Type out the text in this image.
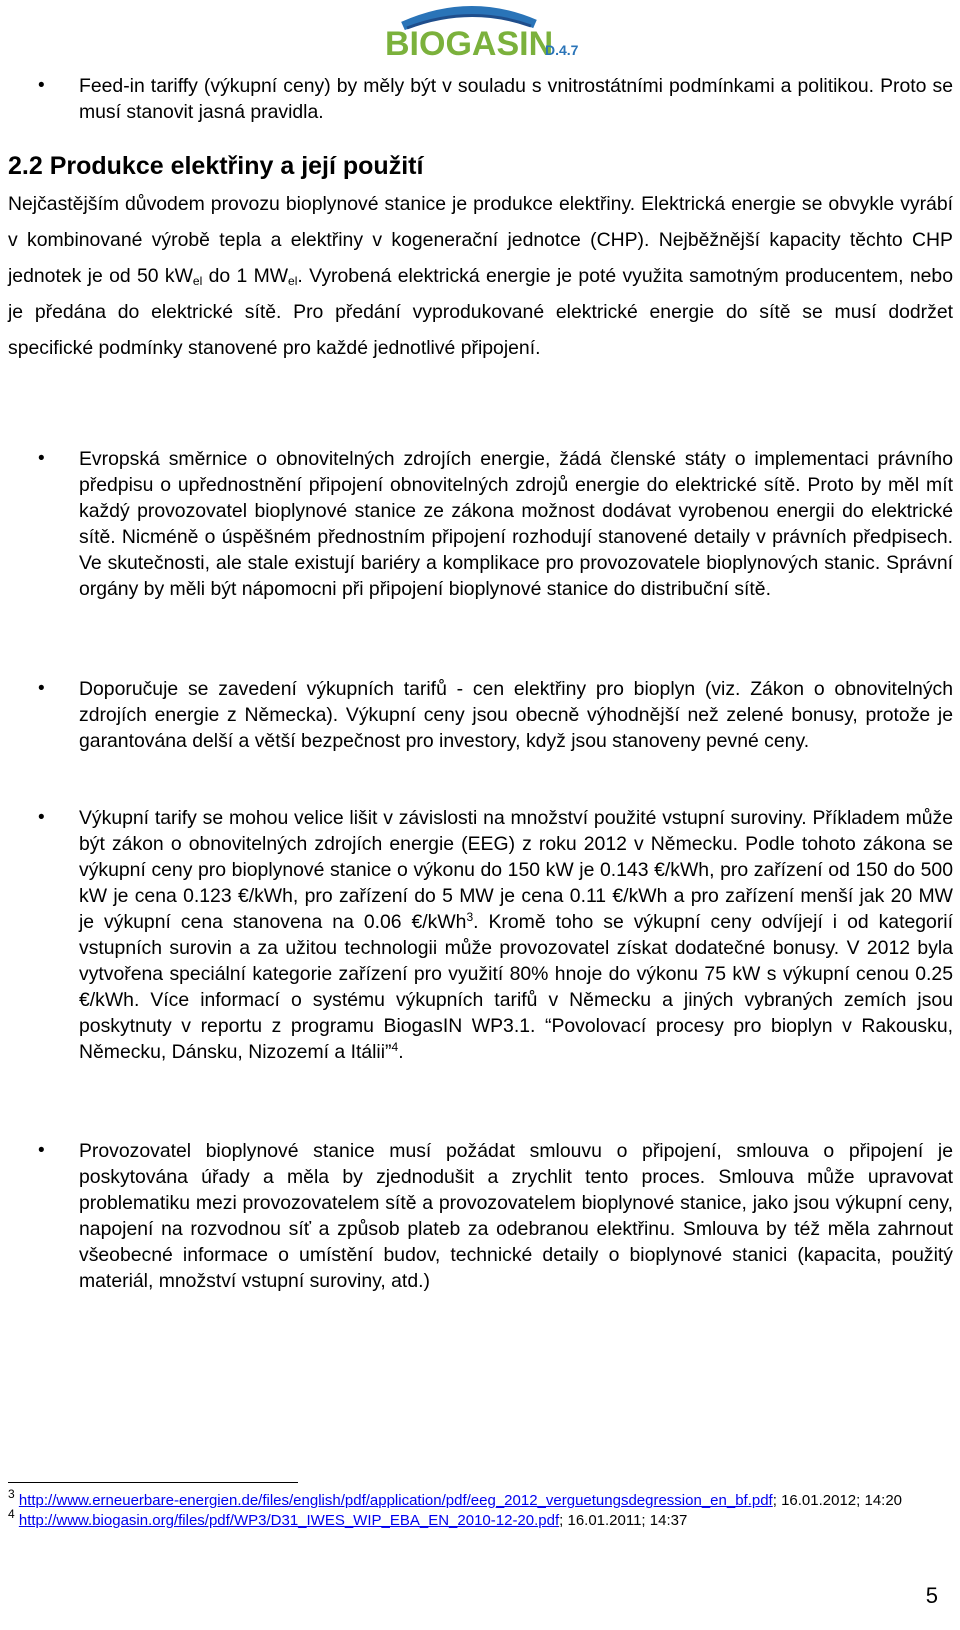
BIOGASIN
D.4.7
• Feed-in tariffy (výkupní ceny) by měly být v souladu s vnitrostátními podmínkami a politikou. Proto se musí stanovit jasná pravidla.
2.2 Produkce elektřiny a její použití
Nejčastějším důvodem provozu bioplynové stanice je produkce elektřiny. Elektrická energie se obvykle vyrábí v kombinované výrobě tepla a elektřiny v kogenerační jednotce (CHP). Nejběžnější kapacity těchto CHP jednotek je od 50 $kW_{el}$ do 1 $MW_{el}$. Vyrobená elektrická energie je poté využita samotným producentem, nebo je předána do elektrické sítě. Pro předání vyprodukované elektrické energie do sítě se musí dodržet specifické podmínky stanovené pro každé jednotlivé připojení.
• Evropská směrnice o obnovitelných zdrojích energie, žádá členské státy o implementaci právního předpisu o upřednostnění připojení obnovitelných zdrojů energie do elektrické sítě. Proto by měl mít každý provozovatel bioplynové stanice ze zákona možnost dodávat vyrobenou energii do elektrické sítě. Nicméně o úspěšném přednostním připojení rozhodují stanovené detaily v právních předpisech. Ve skutečnosti, ale stale existují bariéry a komplikace pro provozovatele bioplynových stanic. Správní orgány by měli být nápomocni při připojení bioplynové stanice do distribuční sítě.
• Doporučuje se zavedení výkupních tarifů - cen elektřiny pro bioplyn (viz. Zákon o obnovitelných zdrojích energie z Německa). Výkupní ceny jsou obecně výhodnější než zelené bonusy, protože je garantována delší a větší bezpečnost pro investory, když jsou stanoveny pevné ceny.
• Výkupní tarify se mohou velice lišit v závislosti na množství použité vstupní suroviny. Příkladem může být zákon o obnovitelných zdrojích energie (EEG) z roku 2012 v Německu. Podle tohoto zákona se výkupní ceny pro bioplynové stanice o výkonu do 150 kW je 0.143 €/kWh, pro zařízení od 150 do 500 kW je cena 0.123 €/kWh, pro zařízení do 5 MW je cena 0.11 €/kWh a pro zařízení menší jak 20 MW je výkupní cena stanovena na 0.06 €/kWh$^3$. Kromě toho se výkupní ceny odvíjejí i od kategorií vstupních surovin a za užitou technologii může provozovatel získat dodatečné bonusy. V 2012 byla vytvořena speciální kategorie zařízení pro využití 80% hnoje do výkonu 75 kW s výkupní cenou 0.25 €/kWh. Více informací o systému výkupních tarifů v Německu a jiných vybraných zemích jsou poskytnuty v reportu z programu BiogasIN WP3.1. “Povolovací procesy pro bioplyn v Rakousku, Německu, Dánsku, Nizozemí a Itálii”$^4$.
• Provozovatel bioplynové stanice musí požádat smlouvu o připojení, smlouva o připojení je poskytována úřady a měla by zjednodušit a zrychlit tento proces. Smlouva může upravovat problematiku mezi provozovatelem sítě a provozovatelem bioplynové stanice, jako jsou výkupní ceny, napojení na rozvodnou síť a způsob plateb za odebranou elektřinu. Smlouva by též měla zahrnout všeobecné informace o umístění budov, technické detaily o bioplynové stanici (kapacita, použitý materiál, množství vstupní suroviny, atd.)
$^3$ http://www.erneuerbare-energien.de/files/english/pdf/application/pdf/eeg_2012_verguetungsdegression_en_bf.pdf; 16.01.2012; 14:20
$^4$ http://www.biogasin.org/files/pdf/WP3/D31_IWES_WIP_EBA_EN_2010-12-20.pdf; 16.01.2011; 14:37
5
